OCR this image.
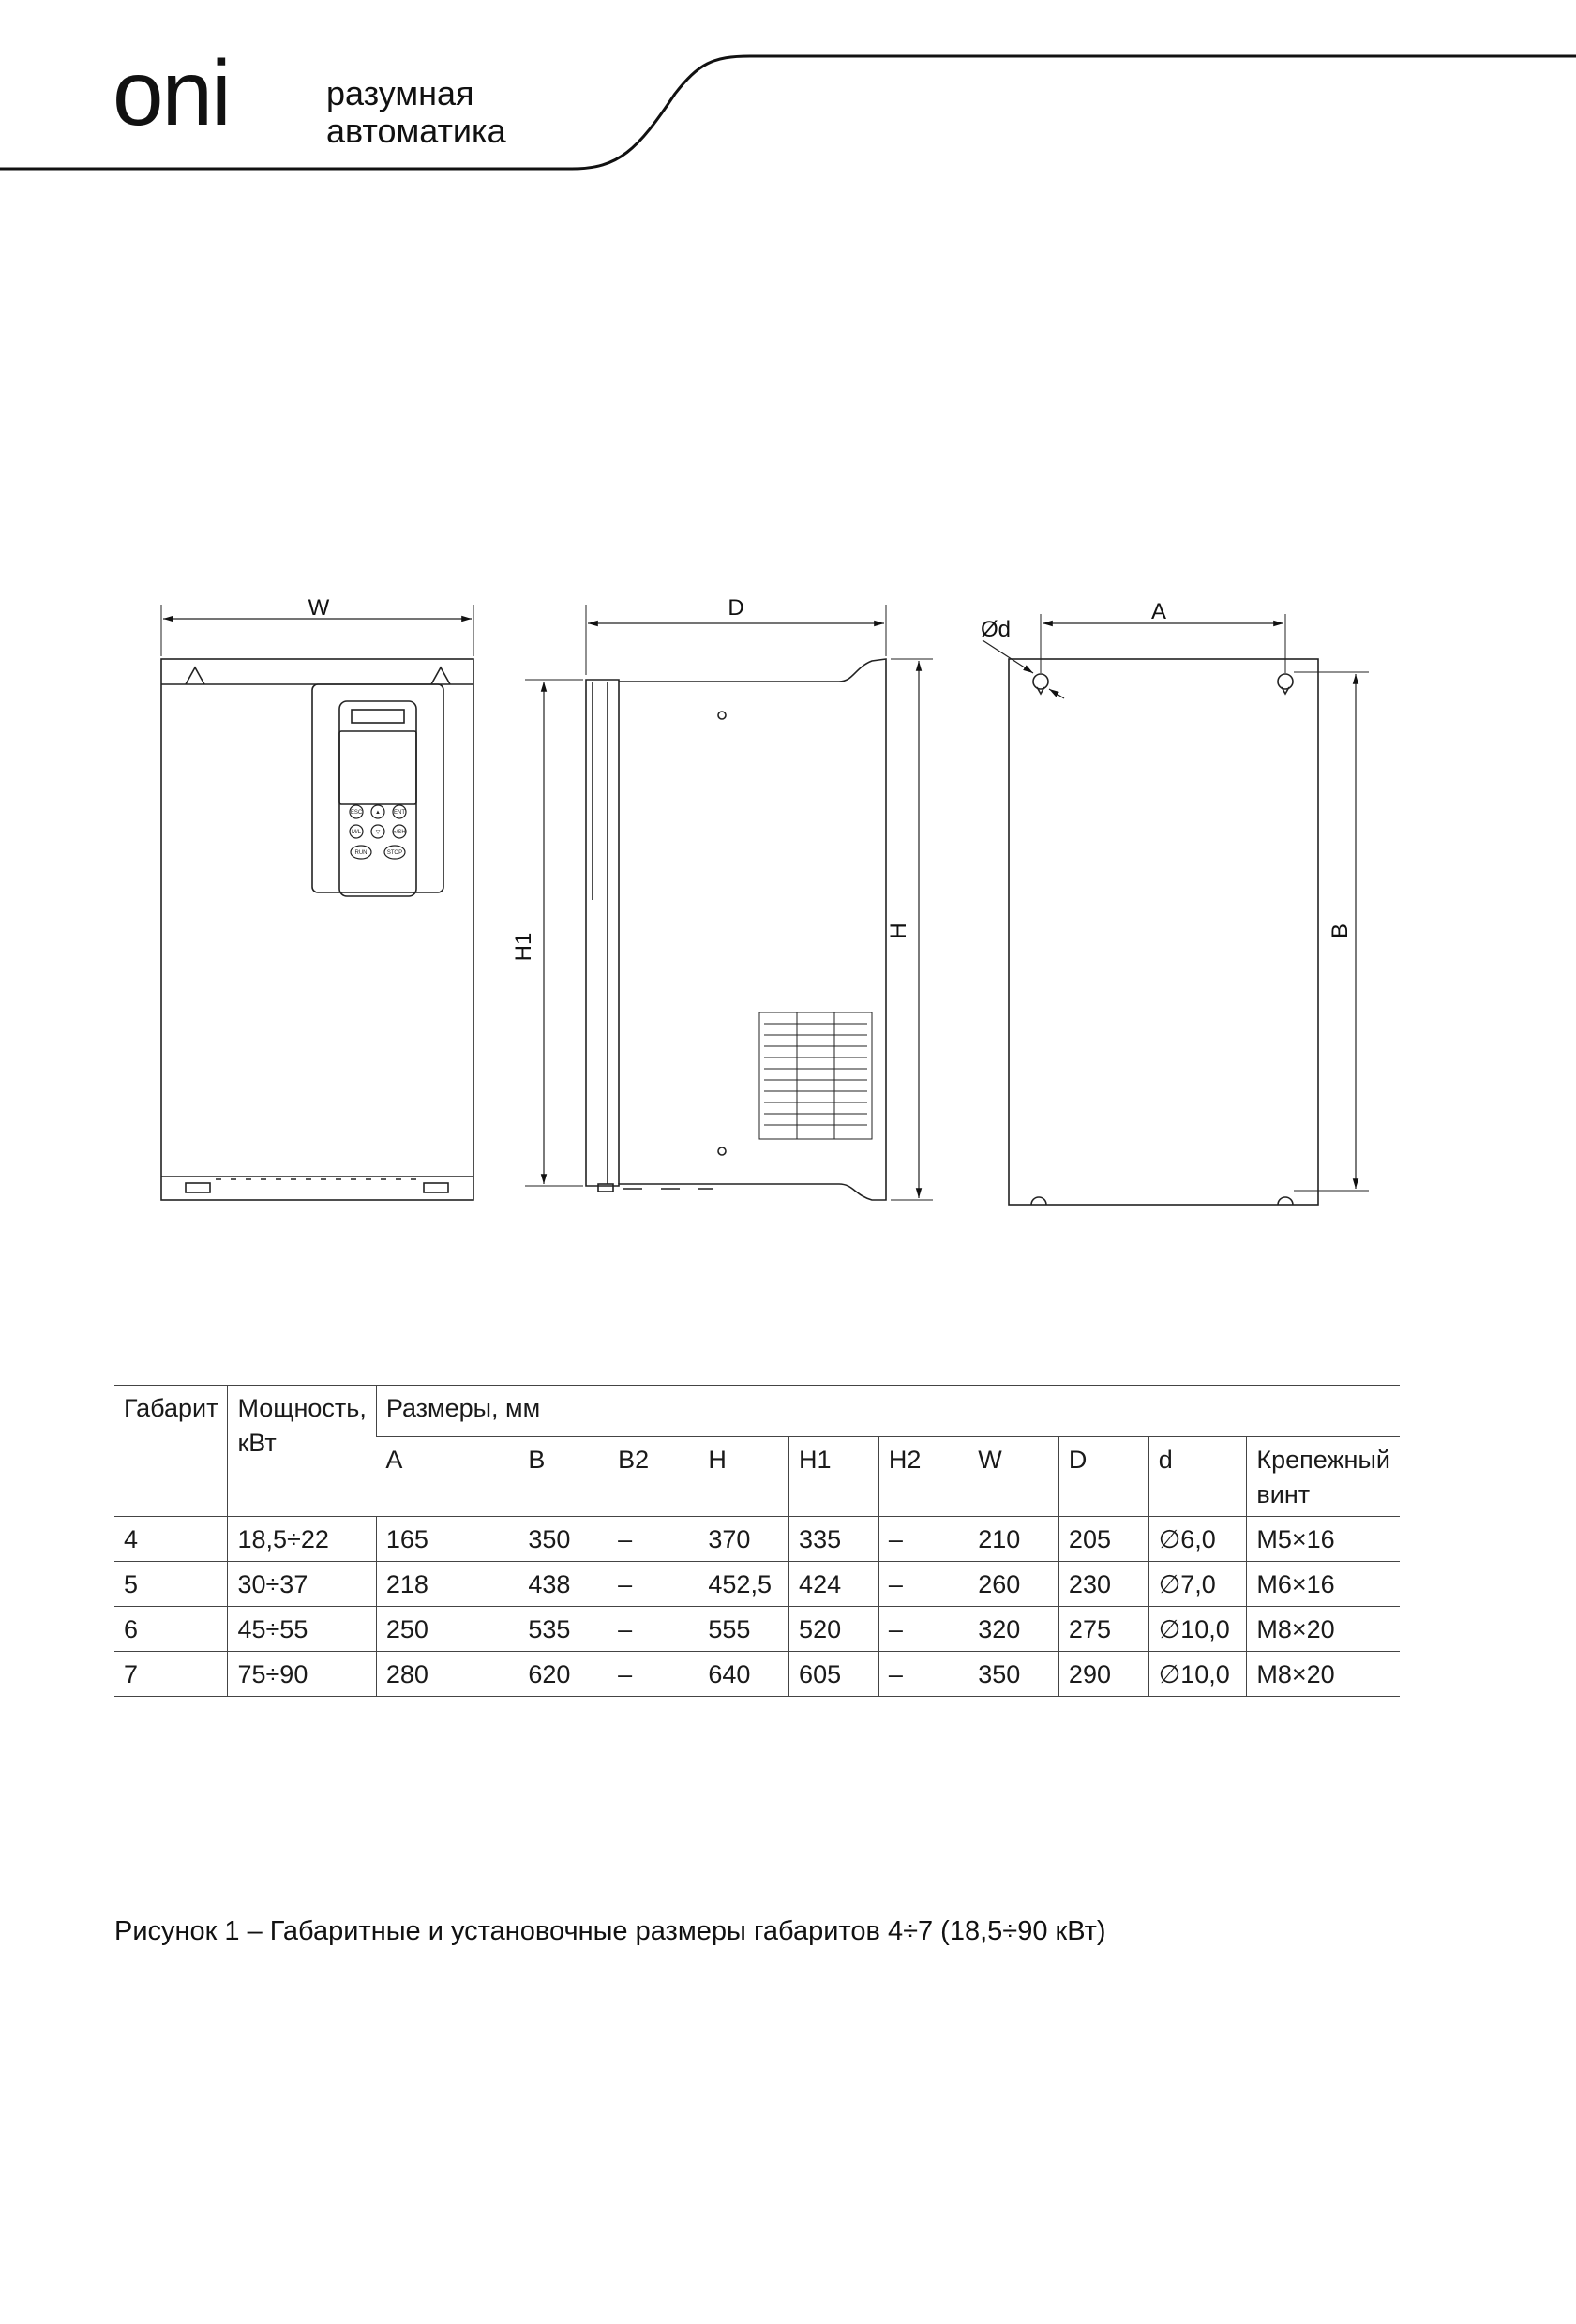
oni	разумная
автоматика
ESC ▲ ENT
M/L	▽ »/SH
RUN	STOP
W	D	A
Ød
H1
H	B
Габарит	Мощность,
кВт	Размеры, мм									
		A	B	B2	H	H1	H2	W	D	d	Крепежный
винт
4	18,5÷22	165	350	–	370	335	–	210	205	∅6,0	M5×16
5	30÷37	218	438	–	452,5	424	–	260	230	∅7,0	M6×16
6	45÷55	250	535	–	555	520	–	320	275	∅10,0	M8×20
7	75÷90	280	620	–	640	605	–	350	290	∅10,0	M8×20
Рисунок 1 – Габаритные и установочные размеры габаритов 4÷7 (18,5÷90 кВт)
